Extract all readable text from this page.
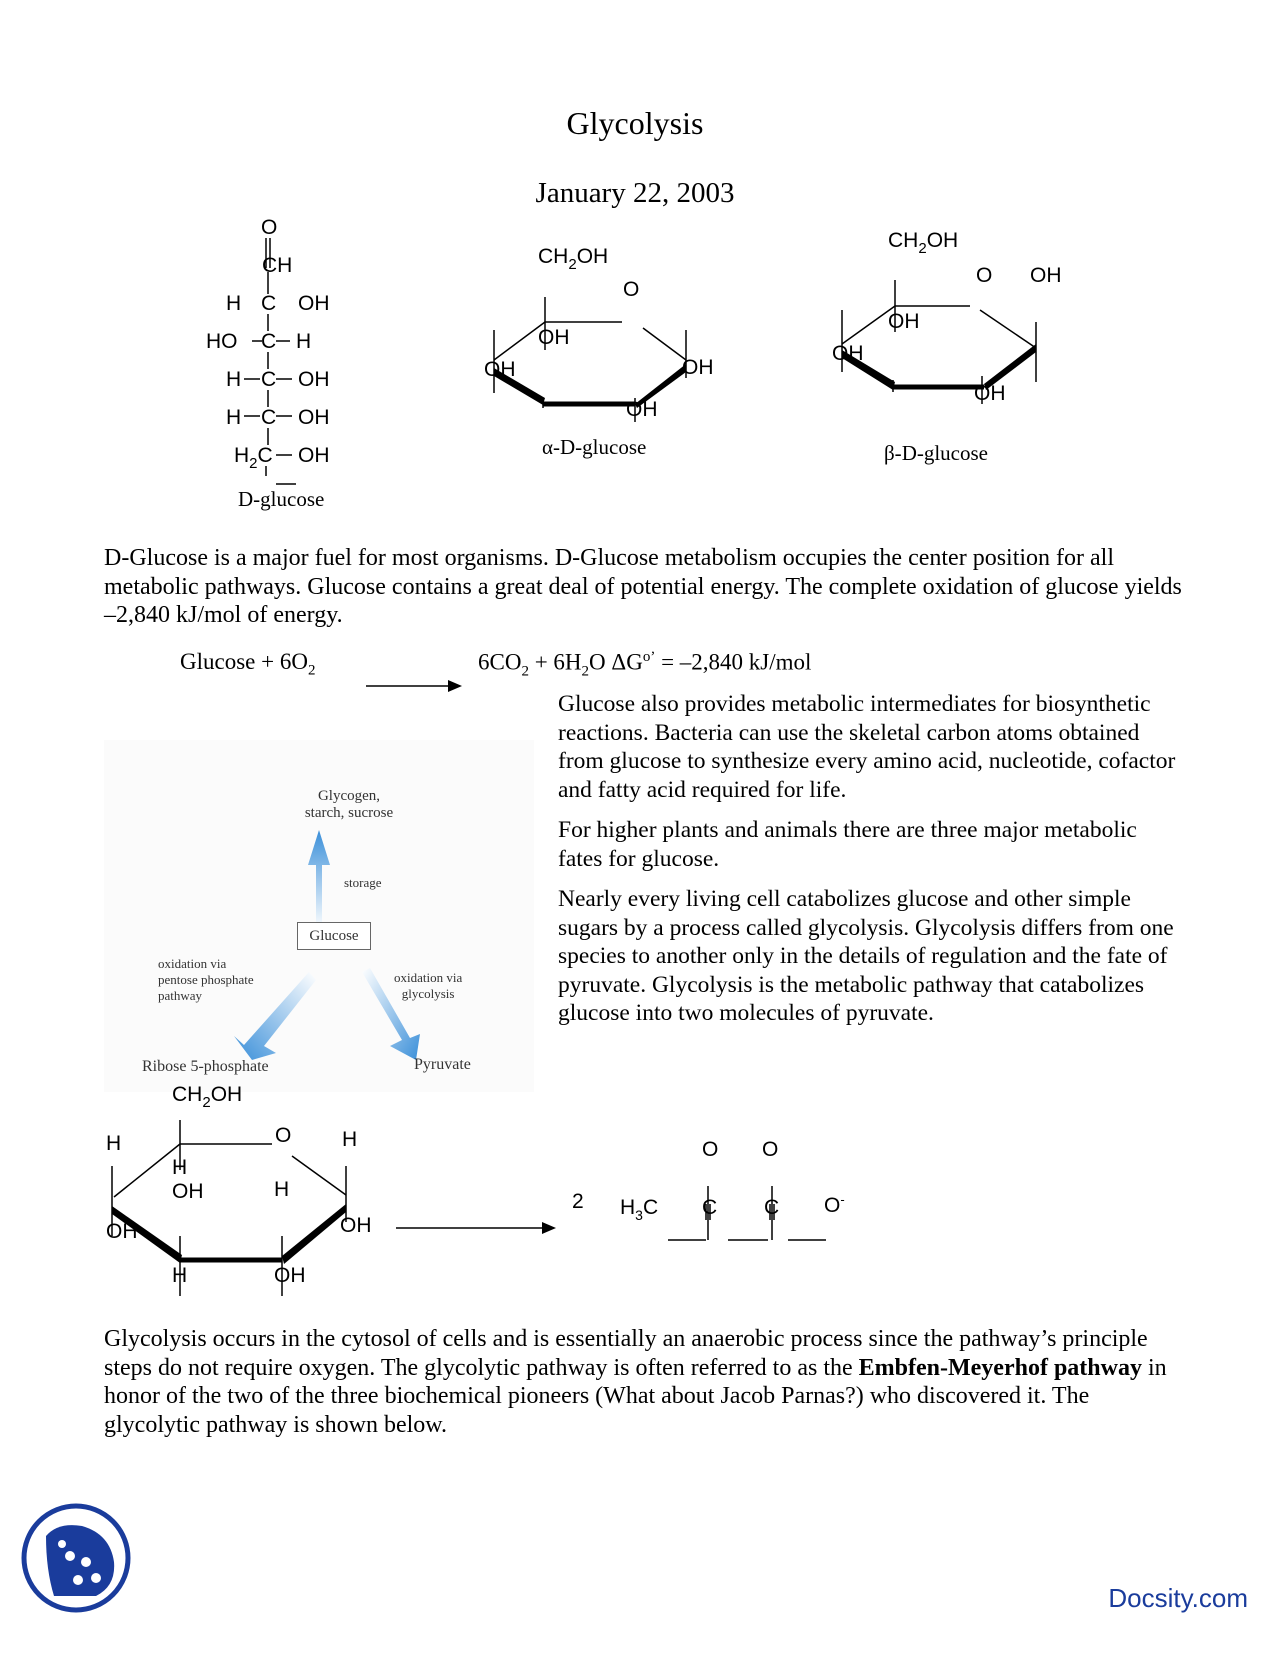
Glycolysis
January 22, 2003
O
CH
H C OH
HO C H
H C OH
H C OH
$H_2C$ OH
D-glucose
$CH_2OH$
O
OH
OH	OH
OH
α-D-glucose
$CH_2OH$
O OH
OH
OH
OH
β-D-glucose

D-Glucose is a major fuel for most organisms. D-Glucose metabolism occupies the center position for all metabolic pathways. Glucose contains a great deal of potential energy. The complete oxidation of glucose yields –2,840 kJ/mol of energy.

$Glucose + 6O_2$	$6CO_2 + 6H_2O$ $\Delta G^{o’} = -2,840$ kJ/mol

Glucose also provides metabolic intermediates for biosynthetic reactions. Bacteria can use the skeletal carbon atoms obtained from glucose to synthesize every amino acid, nucleotide, cofactor and fatty acid required for life.

For higher plants and animals there are three major metabolic fates for glucose.

Nearly every living cell catabolizes glucose and other simple sugars by a process called glycolysis. Glycolysis differs from one species to another only in the details of regulation and the fate of pyruvate. Glycolysis is the metabolic pathway that catabolizes glucose into two molecules of pyruvate.

Glycogen,
starch, sucrose
storage
Glucose
oxidation via
pentose phosphate
pathway
oxidation via
glycolysis
Ribose 5-phosphate	Pyruvate
$CH_2OH$
H	O H
H
OH	H
OH	OH
H	OH
2 $H_3C$
O O
C C O-

Glycolysis occurs in the cytosol of cells and is essentially an anaerobic process since the pathway’s principle steps do not require oxygen. The glycolytic pathway is often referred to as the Embfen-Meyerhof pathway in honor of the two of the three biochemical pioneers (What about Jacob Parnas?) who discovered it. The glycolytic pathway is shown below.

Docsity.com
